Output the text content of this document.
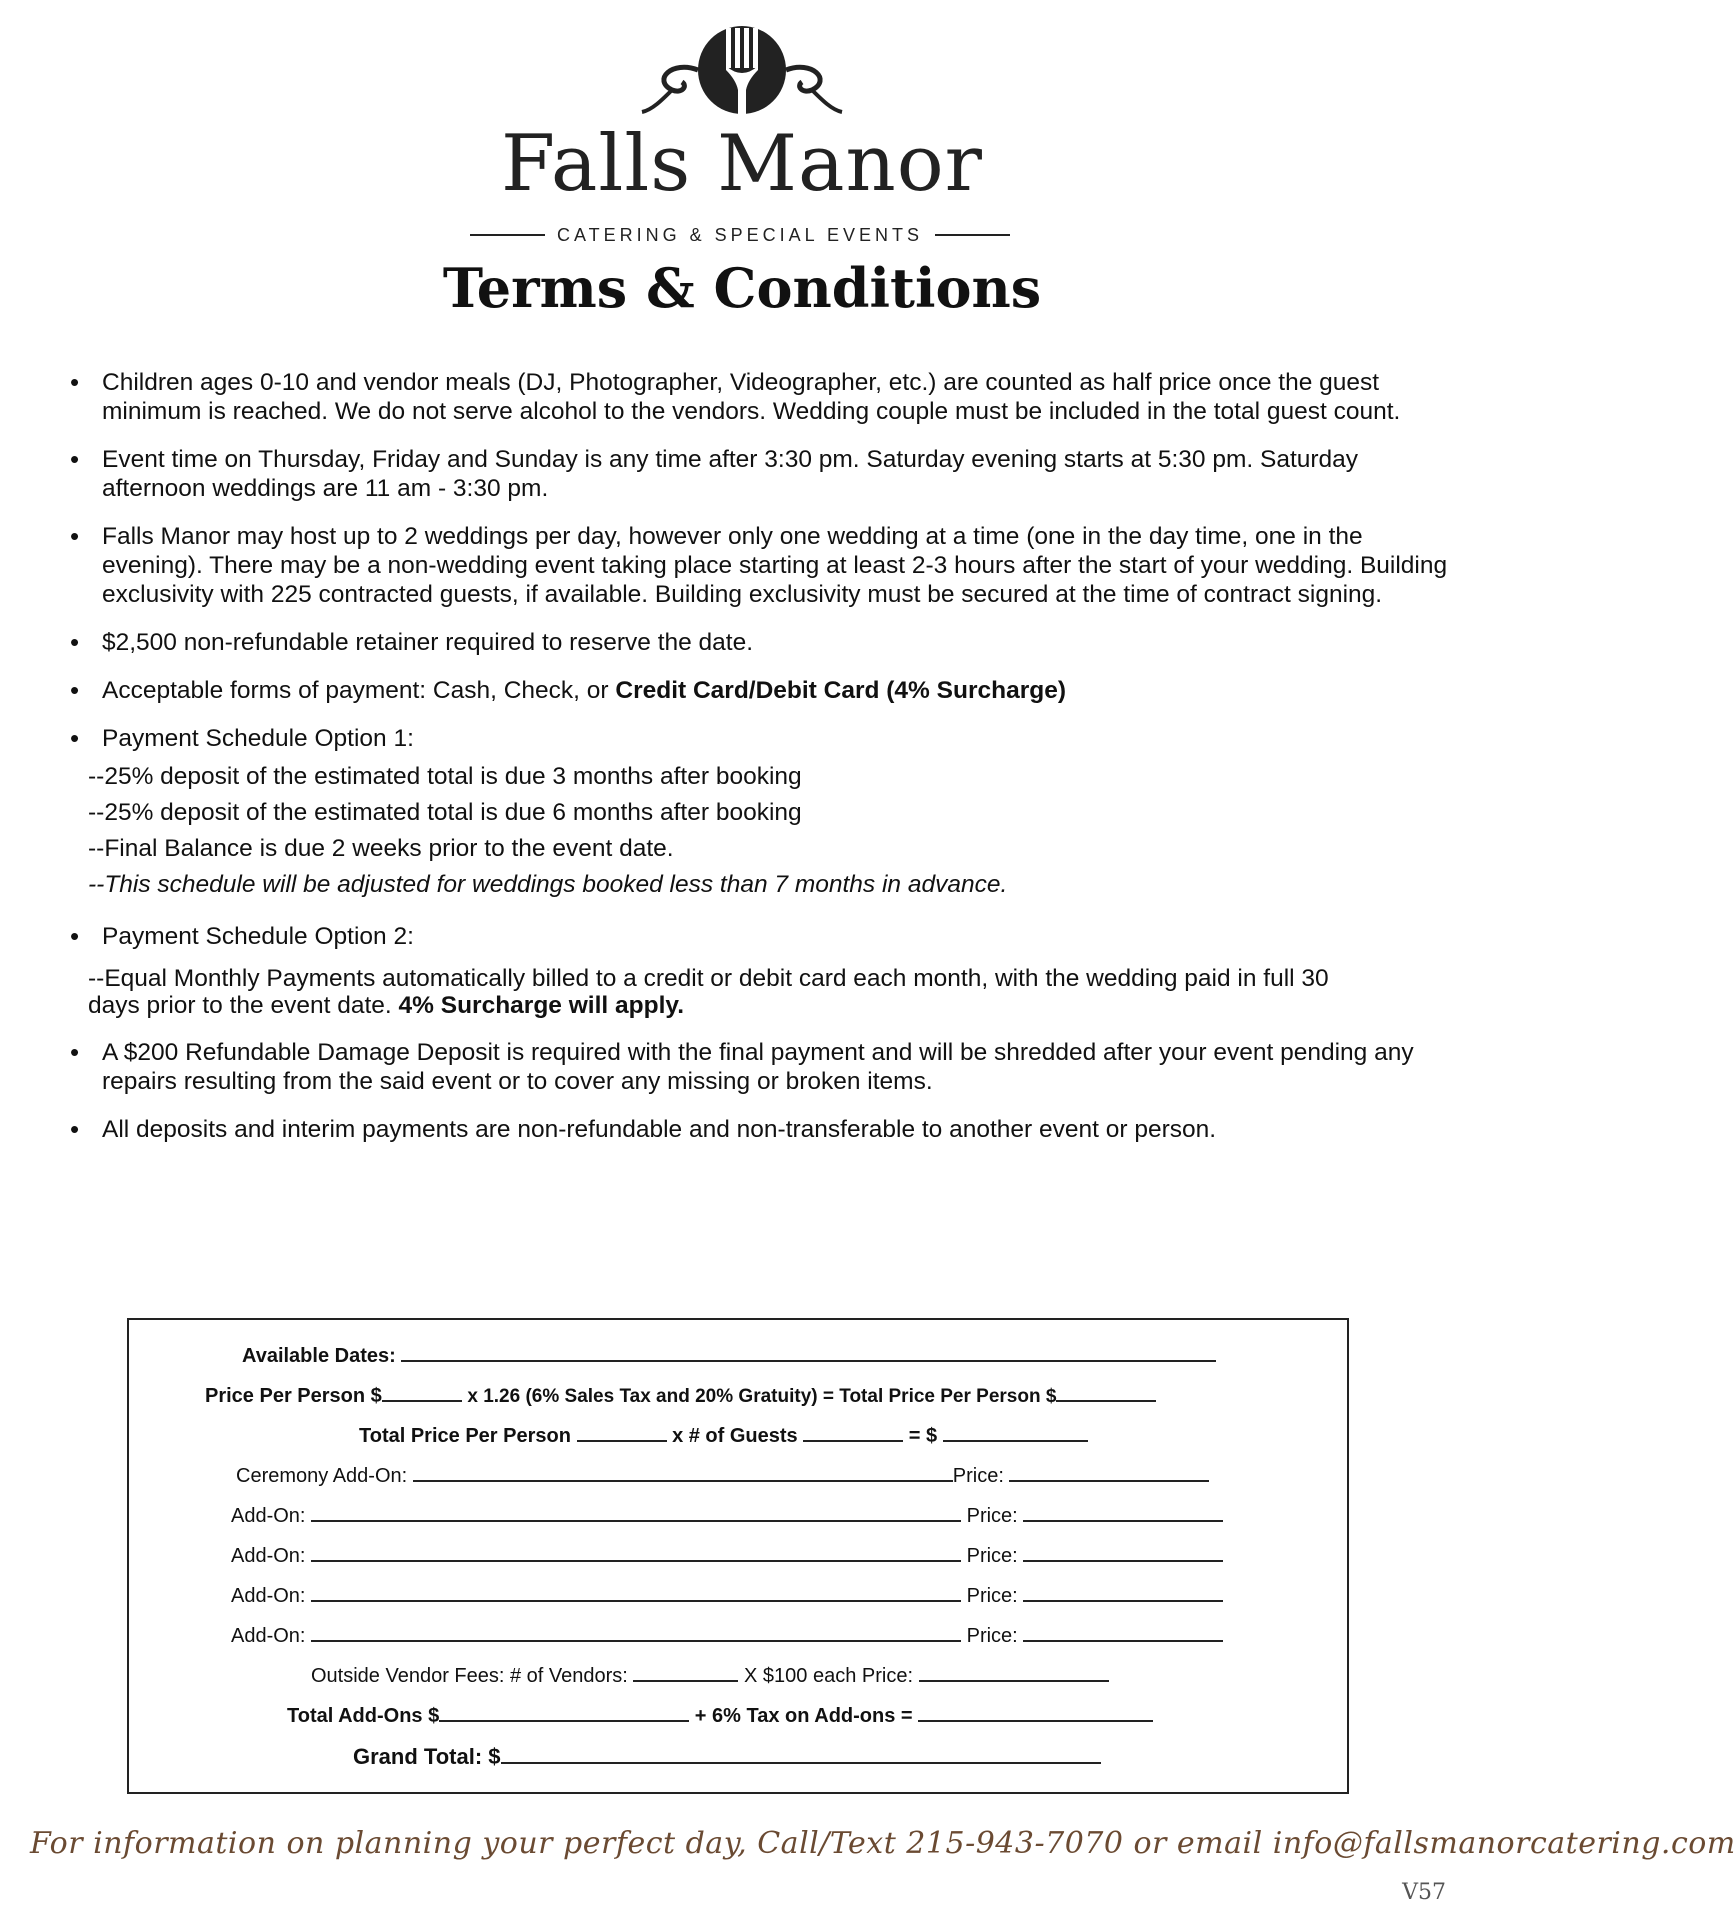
Falls Manor
CATERING & SPECIAL EVENTS
Terms & Conditions
• Children ages 0-10 and vendor meals (DJ, Photographer, Videographer, etc.) are counted as half price once the guest minimum is reached. We do not serve alcohol to the vendors. Wedding couple must be included in the total guest count.
• Event time on Thursday, Friday and Sunday is any time after 3:30 pm. Saturday evening starts at 5:30 pm. Saturday afternoon weddings are 11 am - 3:30 pm.
• Falls Manor may host up to 2 weddings per day, however only one wedding at a time (one in the day time, one in the evening). There may be a non-wedding event taking place starting at least 2-3 hours after the start of your wedding. Building exclusivity with 225 contracted guests, if available. Building exclusivity must be secured at the time of contract signing.
• $2,500 non-refundable retainer required to reserve the date.
• Acceptable forms of payment: Cash, Check, or Credit Card/Debit Card (4% Surcharge)
• Payment Schedule Option 1:
--25% deposit of the estimated total is due 3 months after booking
--25% deposit of the estimated total is due 6 months after booking
--Final Balance is due 2 weeks prior to the event date.
--This schedule will be adjusted for weddings booked less than 7 months in advance.
• Payment Schedule Option 2:
--Equal Monthly Payments automatically billed to a credit or debit card each month, with the wedding paid in full 30 days prior to the event date. 4% Surcharge will apply.
• A $200 Refundable Damage Deposit is required with the final payment and will be shredded after your event pending any repairs resulting from the said event or to cover any missing or broken items.
• All deposits and interim payments are non-refundable and non-transferable to another event or person.
Available Dates:
Price Per Person $	x 1.26 (6% Sales Tax and 20% Gratuity) = Total Price Per Person $
Total Price Per Person	x # of Guests	= $
Ceremony Add-On:	Price:
Add-On:	Price:
Add-On:	Price:
Add-On:	Price:
Add-On:	Price:
Outside Vendor Fees: # of Vendors:	X $100 each Price:
Total Add-Ons $	+ 6% Tax on Add-ons =
Grand Total: $
For information on planning your perfect day, Call/Text 215-943-7070 or email info@fallsmanorcatering.com
V57
